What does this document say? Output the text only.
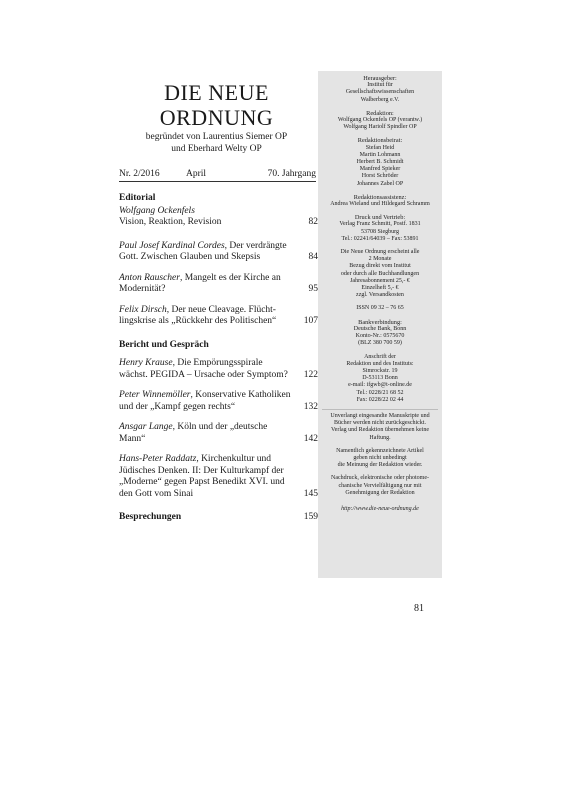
DIE NEUE
ORDNUNG
begründet von Laurentius Siemer OP
und Eberhard Welty OP
Nr. 2/2016	April	70. Jahrgang
Editorial
Wolfgang Ockenfels
Vision, Reaktion, Revision	82
Paul Josef Kardinal Cordes, Der verdrängte
Gott. Zwischen Glauben und Skepsis	84
Anton Rauscher, Mangelt es der Kirche an
Modernität?	95
Felix Dirsch, Der neue Cleavage. Flücht-
lingskrise als „Rückkehr des Politischen“	107
Bericht und Gespräch
Henry Krause, Die Empörungsspirale
wächst. PEGIDA – Ursache oder Symptom?	122
Peter Winnemöller, Konservative Katholiken
und der „Kampf gegen rechts“	132
Ansgar Lange, Köln und der „deutsche
Mann“	142
Hans-Peter Raddatz, Kirchenkultur und
Jüdisches Denken. II: Der Kulturkampf der
„Moderne“ gegen Papst Benedikt XVI. und
den Gott vom Sinai	145
Besprechungen	159
Herausgeber:
Institut für
Gesellschaftswissenschaften
Walberberg e.V.
Redaktion:
Wolfgang Ockenfels OP (verantw.)
Wolfgang Hariolf Spindler OP
Redaktionsbeirat:
Stefan Heid
Martin Lohmann
Herbert B. Schmidt
Manfred Spieker
Horst Schröder
Johannes Zabel OP
Redaktionsassistenz:
Andrea Wieland und Hildegard Schramm
Druck und Vertrieb:
Verlag Franz Schmitt, Postf. 1831
53708 Siegburg
Tel.: 02241/64039 – Fax: 53891
Die Neue Ordnung erscheint alle
2 Monate
Bezug direkt vom Institut
oder durch alle Buchhandlungen
Jahresabonnement 25,- €
Einzelheft 5,- €
zzgl. Versandkosten
ISSN 09 32 – 76 65
Bankverbindung:
Deutsche Bank, Bonn
Konto-Nr.: 0575670
(BLZ 380 700 59)
Anschrift der
Redaktion und des Instituts:
Simrockstr. 19
D-53113 Bonn
e-mail: ifgwb@t-online.de
Tel.: 0228/21 68 52
Fax: 0228/22 02 44
Unverlangt eingesandte Manuskripte und
Bücher werden nicht zurückgeschickt.
Verlag und Redaktion übernehmen keine
Haftung.
Namentlich gekennzeichnete Artikel
geben nicht unbedingt
die Meinung der Redaktion wieder.
Nachdruck, elektronische oder photome-
chanische Vervielfältigung nur mit
Genehmigung der Redaktion
http://www.die-neue-ordnung.de
81
